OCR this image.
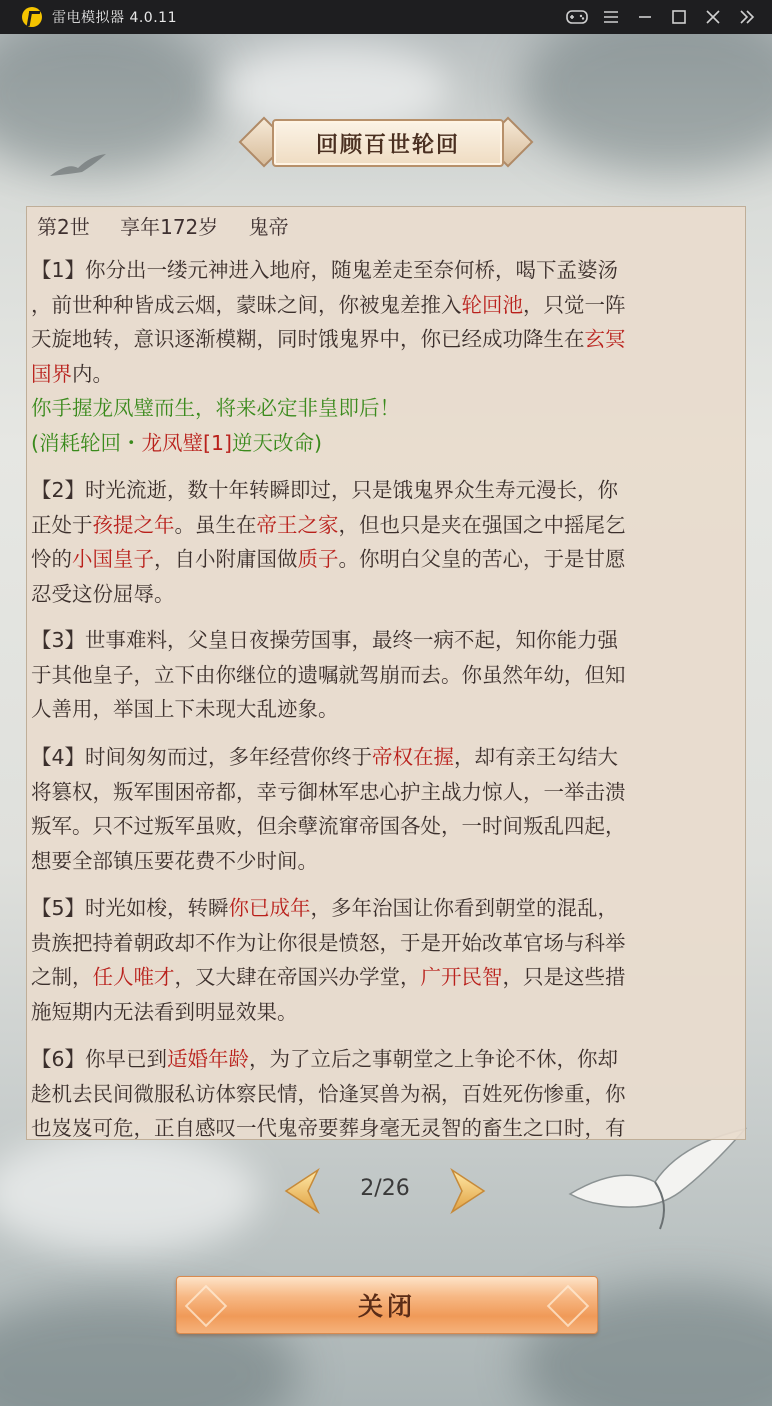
雷电模拟器 4.0.11
回顾百世轮回
第2世 享年172岁 鬼帝

【1】你分出一缕元神进入地府，随鬼差走至奈何桥，喝下孟婆汤
，前世种种皆成云烟，蒙昧之间，你被鬼差推入轮回池，只觉一阵
天旋地转，意识逐渐模糊，同时饿鬼界中，你已经成功降生在玄冥
国界内。
你手握龙凤璧而生，将来必定非皇即后！
(消耗轮回・龙凤璧[1]逆天改命)

【2】时光流逝，数十年转瞬即过，只是饿鬼界众生寿元漫长，你
正处于孩提之年。虽生在帝王之家，但也只是夹在强国之中摇尾乞
怜的小国皇子，自小附庸国做质子。你明白父皇的苦心，于是甘愿
忍受这份屈辱。

【3】世事难料，父皇日夜操劳国事，最终一病不起，知你能力强
于其他皇子，立下由你继位的遗嘱就驾崩而去。你虽然年幼，但知
人善用，举国上下未现大乱迹象。

【4】时间匆匆而过，多年经营你终于帝权在握，却有亲王勾结大
将篡权，叛军围困帝都，幸亏御林军忠心护主战力惊人，一举击溃
叛军。只不过叛军虽败，但余孽流窜帝国各处，一时间叛乱四起，
想要全部镇压要花费不少时间。

【5】时光如梭，转瞬你已成年，多年治国让你看到朝堂的混乱，
贵族把持着朝政却不作为让你很是愤怒，于是开始改革官场与科举
之制，任人唯才，又大肆在帝国兴办学堂，广开民智，只是这些措
施短期内无法看到明显效果。

【6】你早已到适婚年龄，为了立后之事朝堂之上争论不休，你却
趁机去民间微服私访体察民情，恰逢冥兽为祸，百姓死伤惨重，你
也岌岌可危，正自感叹一代鬼帝要葬身毫无灵智的畜生之口时，有

2/26
关闭
